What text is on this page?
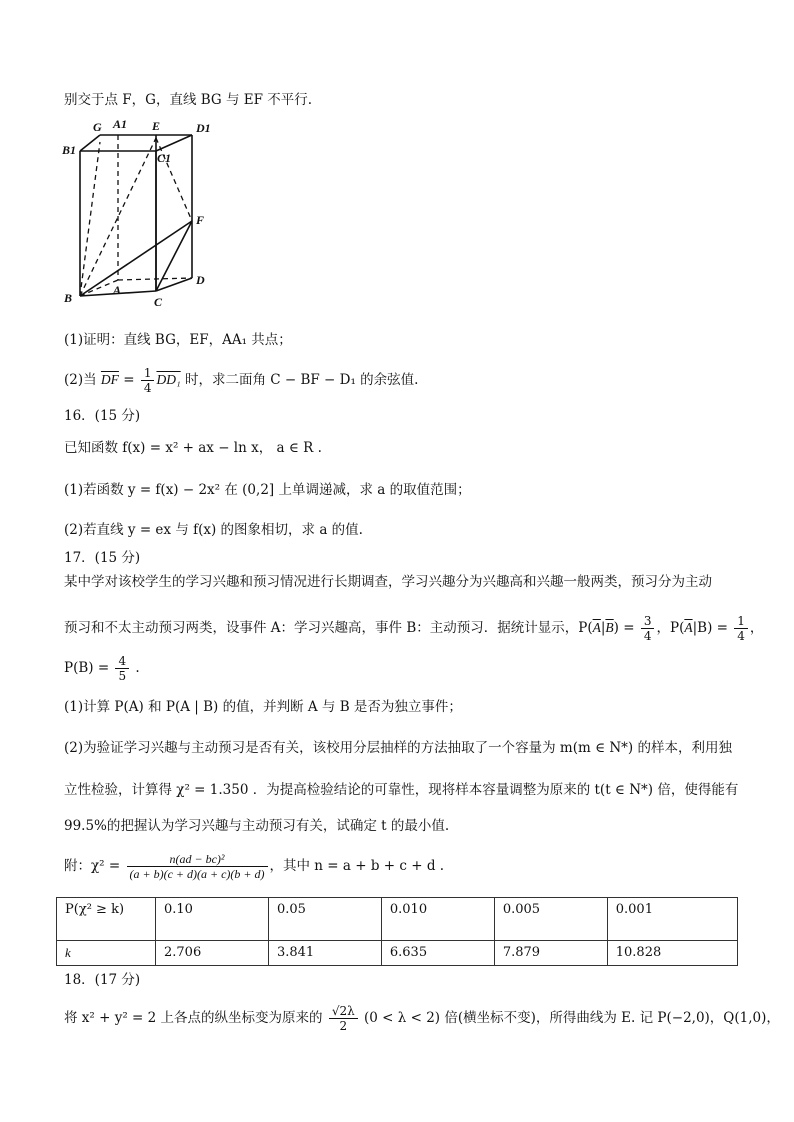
别交于点 F，G，直线 BG 与 EF 不平行.
G A1 E	D1
B1
C1
F
B
A
C
D
(1)证明：直线 BG，EF，AA₁ 共点；
(2)当 $\overline{DF} = \frac{1}{4} DD_1$ 时，求二面角 C − BF − D₁ 的余弦值.
16．(15 分)
已知函数 f(x) = x² + ax − ln x， a ∈ R .
(1)若函数 y = f(x) − 2x² 在 (0,2] 上单调递减，求 a 的取值范围；
(2)若直线 y = ex 与 f(x) 的图象相切，求 a 的值.
17．(15 分)
某中学对该校学生的学习兴趣和预习情况进行长期调查，学习兴趣分为兴趣高和兴趣一般两类，预习分为主动
预习和不太主动预习两类，设事件 A：学习兴趣高，事件 B：主动预习．据统计显示，$P(\overline{A}|\overline{B}) = \frac{3}{4}$ ，$P(\overline{A}|B) = \frac{1}{4}$ ，
$P(B) = \frac{4}{5}$ .
(1)计算 P(A) 和 P(A | B) 的值，并判断 A 与 B 是否为独立事件；
(2)为验证学习兴趣与主动预习是否有关，该校用分层抽样的方法抽取了一个容量为 m(m ∈ N*) 的样本，利用独
立性检验，计算得 χ² = 1.350 ．为提高检验结论的可靠性，现将样本容量调整为原来的 t(t ∈ N*) 倍，使得能有
99.5%的把握认为学习兴趣与主动预习有关，试确定 t 的最小值.
附：$\chi^2 = \frac{\text{n(ad − bc)²}}{(a + b)(c + d)(a + c)(b + d)}$ ，其中 n = a + b + c + d .
P(χ² ≥ k)	0.10	0.05	0.010	0.005	0.001
k	2.706	3.841	6.635	7.879	10.828
18．(17 分)
将 x² + y² = 2 上各点的纵坐标变为原来的 $\frac{√2\lambda}{2} (0 < \lambda < 2)$ 倍(横坐标不变)，所得曲线为 E. 记 P(−2,0)，Q(1,0)，
